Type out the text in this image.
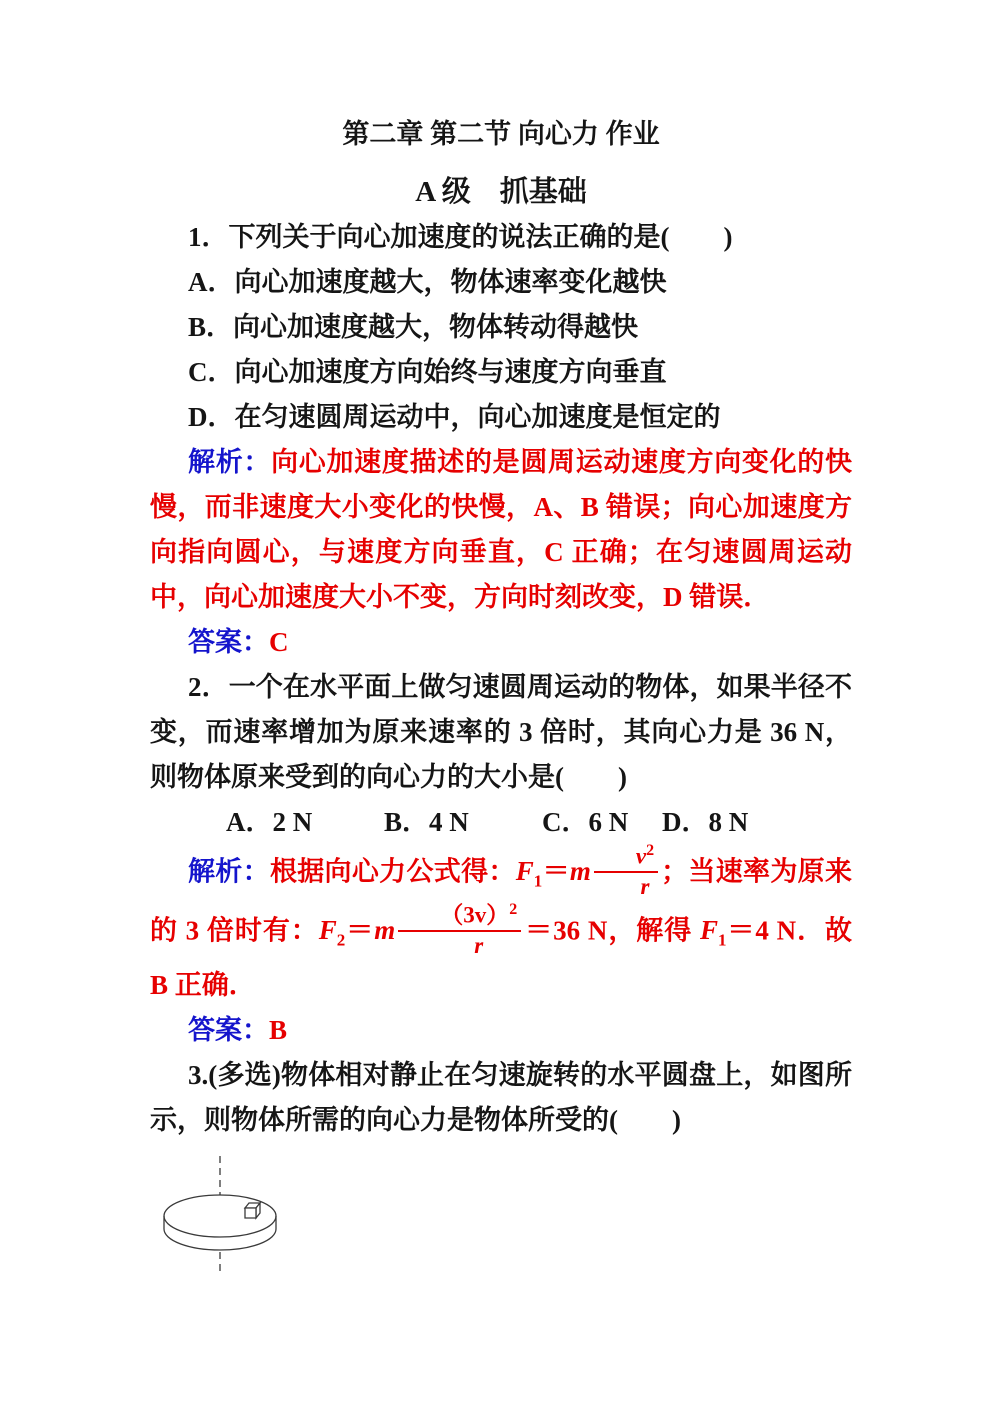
第二章 第二节 向心力 作业
A 级　抓基础

1．下列关于向心加速度的说法正确的是(　　)

A．向心加速度越大，物体速率变化越快

B．向心加速度越大，物体转动得越快

C．向心加速度方向始终与速度方向垂直

D．在匀速圆周运动中，向心加速度是恒定的

解析：向心加速度描述的是圆周运动速度方向变化的快慢，而非速度大小变化的快慢，A、B 错误；向心加速度方向指向圆心，与速度方向垂直，C 正确；在匀速圆周运动中，向心加速度大小不变，方向时刻改变，D 错误．

答案：C

2．一个在水平面上做匀速圆周运动的物体，如果半径不变，而速率增加为原来速率的 3 倍时，其向心力是 36 N，则物体原来受到的向心力的大小是(　　)

A．2 N	B．4 N	C．6 N D．8 N

解析：根据向心力公式得：$F_1=m \frac{v^2}{r}$ ；当速率为原来的 3 倍时有：$F_2=m \frac{(3v)^2}{r} =36$ N，解得 $F_1=4$ N．故 B 正确．

答案：B

3.(多选)物体相对静止在匀速旋转的水平圆盘上，如图所示，则物体所需的向心力是物体所受的(　　)
